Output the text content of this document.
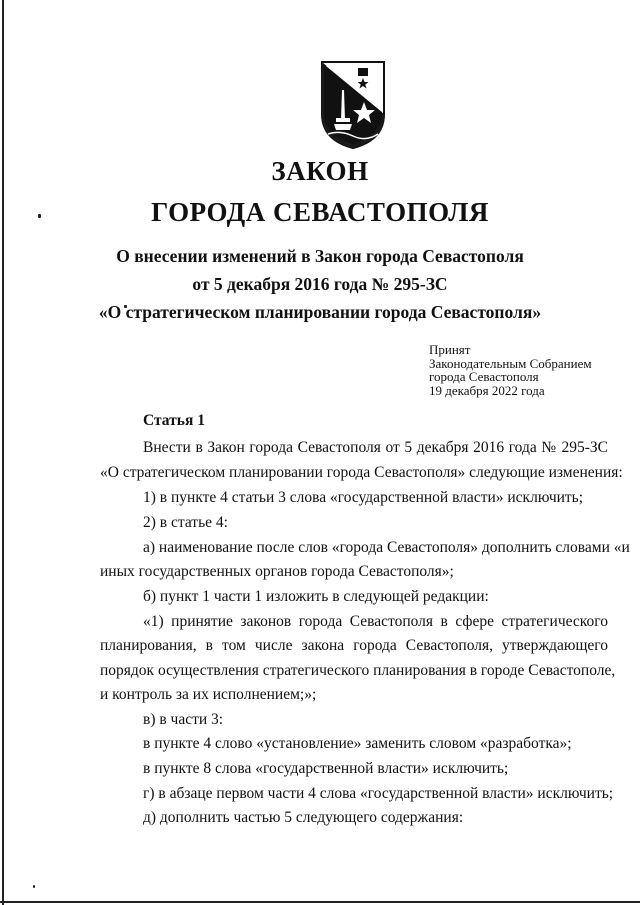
ЗАКОН
ГОРОДА СЕВАСТОПОЛЯ
О внесении изменений в Закон города Севастополя
от 5 декабря 2016 года № 295-ЗС
«О стратегическом планировании города Севастополя»
Принят
Законодательным Собранием
города Севастополя
19 декабря 2022 года
Статья 1
Внести в Закон города Севастополя от 5 декабря 2016 года № 295-ЗС
«О стратегическом планировании города Севастополя» следующие изменения:
1) в пункте 4 статьи 3 слова «государственной власти» исключить;
2) в статье 4:
а) наименование после слов «города Севастополя» дополнить словами «и
иных государственных органов города Севастополя»;
б) пункт 1 части 1 изложить в следующей редакции:
«1) принятие законов города Севастополя в сфере стратегического
планирования, в том числе закона города Севастополя, утверждающего
порядок осуществления стратегического планирования в городе Севастополе,
и контроль за их исполнением;»;
в) в части 3:
в пункте 4 слово «установление» заменить словом «разработка»;
в пункте 8 слова «государственной власти» исключить;
г) в абзаце первом части 4 слова «государственной власти» исключить;
д) дополнить частью 5 следующего содержания:
